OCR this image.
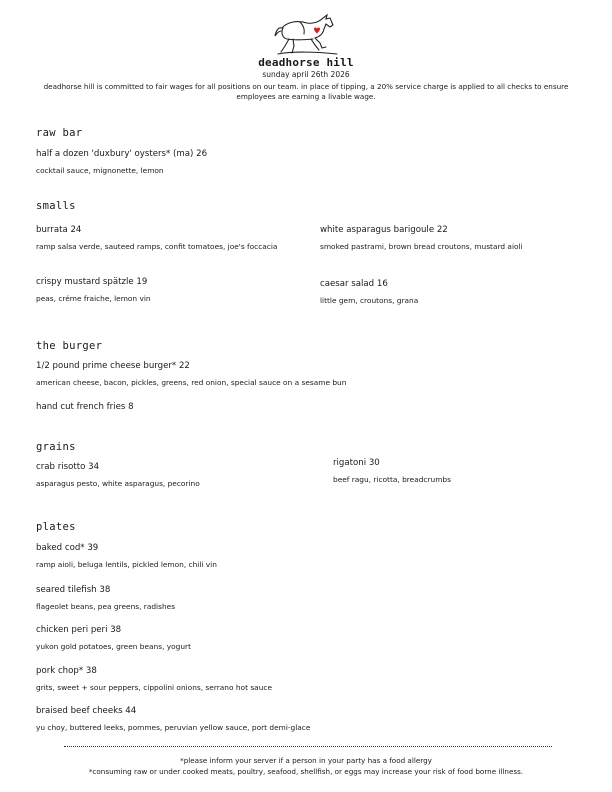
deadhorse hill
sunday april 26th 2026
deadhorse hill is committed to fair wages for all positions on our team. in place of tipping, a 20% service charge is applied to all checks to ensure employees are earning a livable wage.
raw bar
half a dozen 'duxbury' oysters* (ma) 26
cocktail sauce, mignonette, lemon
smalls
burrata 24
ramp salsa verde, sauteed ramps, confit tomatoes, joe's foccacia
crispy mustard spätzle 19
peas, créme fraiche, lemon vin
white asparagus barigoule 22
smoked pastrami, brown bread croutons, mustard aioli
caesar salad 16
little gem, croutons, grana
the burger
1/2 pound prime cheese burger* 22
american cheese, bacon, pickles, greens, red onion, special sauce on a sesame bun
hand cut french fries 8
grains
crab risotto 34
asparagus pesto, white asparagus, pecorino
rigatoni 30
beef ragu, ricotta, breadcrumbs
plates
baked cod* 39
ramp aioli, beluga lentils, pickled lemon, chili vin
seared tilefish 38
flageolet beans, pea greens, radishes
chicken peri peri 38
yukon gold potatoes, green beans, yogurt
pork chop* 38
grits, sweet + sour peppers, cippolini onions, serrano hot sauce
braised beef cheeks 44
yu choy, buttered leeks, pommes, peruvian yellow sauce, port demi-glace
*please inform your server if a person in your party has a food allergy
*consuming raw or under cooked meats, poultry, seafood, shellfish, or eggs may increase your risk of food borne illness.
